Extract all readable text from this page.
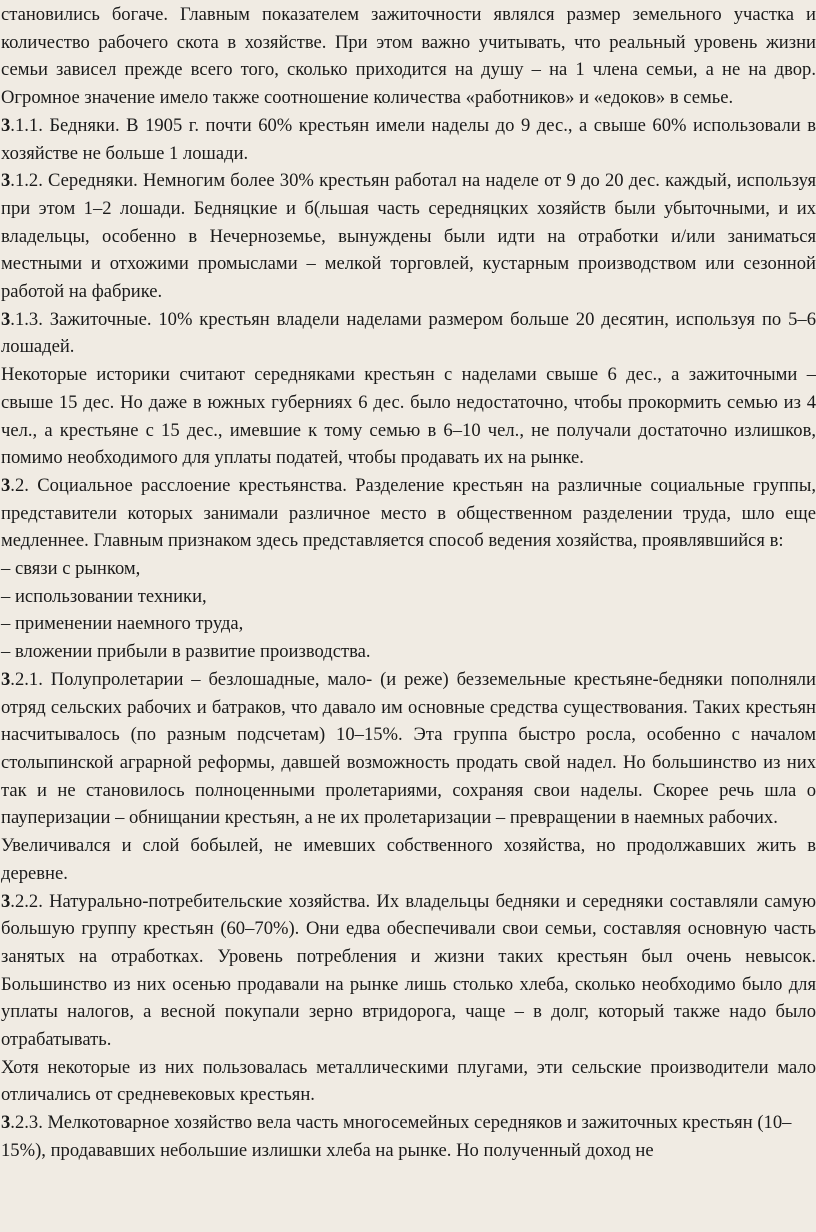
становились богаче. Главным показателем зажиточности являлся размер земельного участка и количество рабочего скота в хозяйстве. При этом важно учитывать, что реальный уровень жизни семьи зависел прежде всего того, сколько приходится на душу – на 1 члена семьи, а не на двор. Огромное значение имело также соотношение количества «работников» и «едоков» в семье.

3.1.1. Бедняки. В 1905 г. почти 60% крестьян имели наделы до 9 дес., а свыше 60% использовали в хозяйстве не больше 1 лошади.

3.1.2. Середняки. Немногим более 30% крестьян работал на наделе от 9 до 20 дес. каждый, используя при этом 1–2 лошади. Бедняцкие и б(льшая часть середняцких хозяйств были убыточными, и их владельцы, особенно в Нечерноземье, вынуждены были идти на отработки и/или заниматься местными и отхожими промыслами – мелкой торговлей, кустарным производством или сезонной работой на фабрике.

3.1.3. Зажиточные. 10% крестьян владели наделами размером больше 20 десятин, используя по 5–6 лошадей.

Некоторые историки считают середняками крестьян с наделами свыше 6 дес., а зажиточными – свыше 15 дес. Но даже в южных губерниях 6 дес. было недостаточно, чтобы прокормить семью из 4 чел., а крестьяне с 15 дес., имевшие к тому семью в 6–10 чел., не получали достаточно излишков, помимо необходимого для уплаты податей, чтобы продавать их на рынке.

3.2. Социальное расслоение крестьянства. Разделение крестьян на различные социальные группы, представители которых занимали различное место в общественном разделении труда, шло еще медленнее. Главным признаком здесь представляется способ ведения хозяйства, проявлявшийся в:

– связи с рынком,

– использовании техники,

– применении наемного труда,

– вложении прибыли в развитие производства.

3.2.1. Полупролетарии – безлошадные, мало- (и реже) безземельные крестьяне-бедняки пополняли отряд сельских рабочих и батраков, что давало им основные средства существования. Таких крестьян насчитывалось (по разным подсчетам) 10–15%. Эта группа быстро росла, особенно с началом столыпинской аграрной реформы, давшей возможность продать свой надел. Но большинство из них так и не становилось полноценными пролетариями, сохраняя свои наделы. Скорее речь шла о пауперизации – обнищании крестьян, а не их пролетаризации – превращении в наемных рабочих.

Увеличивался и слой бобылей, не имевших собственного хозяйства, но продолжавших жить в деревне.

3.2.2. Натурально-потребительские хозяйства. Их владельцы бедняки и середняки составляли самую большую группу крестьян (60–70%). Они едва обеспечивали свои семьи, составляя основную часть занятых на отработках. Уровень потребления и жизни таких крестьян был очень невысок. Большинство из них осенью продавали на рынке лишь столько хлеба, сколько необходимо было для уплаты налогов, а весной покупали зерно втридорога, чаще – в долг, который также надо было отрабатывать.

Хотя некоторые из них пользовалась металлическими плугами, эти сельские производители мало отличались от средневековых крестьян.

3.2.3. Мелкотоварное хозяйство вела часть многосемейных середняков и зажиточных крестьян (10–15%), продававших небольшие излишки хлеба на рынке. Но полученный доход не
